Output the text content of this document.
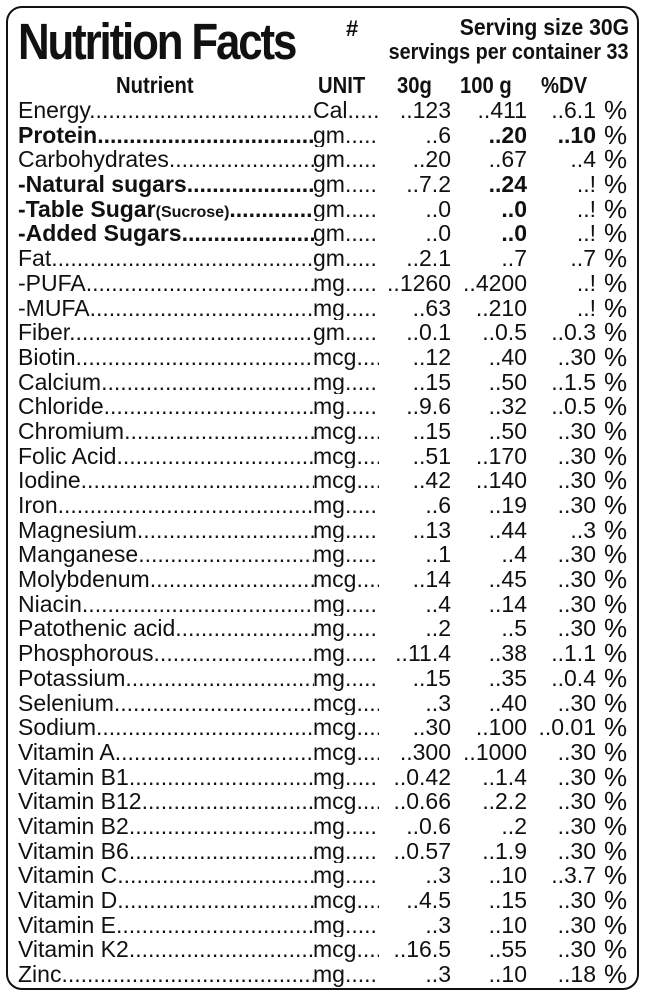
Nutrition Facts #	Serving size 30G
servings per container 33
Nutrient	UNIT 30g 100 g %DV
Energy .....	Cal. .....	..123	..411	..6.1 %
Protein .....	gm. .....	..6	..20	..10 %
Carbohydrates .....	gm. .....	..20	..67	..4 %
-Natural sugars .....	gm. .....	..7.2	..24	..! %
-Table Sugar(Sucrose) .....	gm. .....	..0	..0	..! %
-Added Sugars .....	gm. .....	..0	..0	..! %
Fat .....	gm. .....	..2.1	..7	..7 %
-PUFA .....	mg. .....	..1260 ..4200	..! %
-MUFA .....	mg. .....	..63	..210	..! %
Fiber .....	gm. .....	..0.1	..0.5	..0.3 %
Biotin .....	mcg .....	..12	..40	..30 %
Calcium .....	mg. .....	..15	..50	..1.5 %
Chloride .....	mg. .....	..9.6	..32	..0.5 %
Chromium .....	mcg .....	..15	..50	..30 %
Folic Acid .....	mcg .....	..51	..170	..30 %
Iodine .....	mcg .....	..42	..140	..30 %
Iron .....	mg. .....	..6	..19	..30 %
Magnesium .....	mg. .....	..13	..44	..3 %
Manganese .....	mg. .....	..1	..4	..30 %
Molybdenum .....	mcg .....	..14	..45	..30 %
Niacin .....	mg. .....	..4	..14	..30 %
Patothenic acid .....	mg. .....	..2	..5	..30 %
Phosphorous .....	mg. .....	..11.4	..38	..1.1 %
Potassium .....	mg. .....	..15	..35	..0.4 %
Selenium .....	mcg .....	..3	..40	..30 %
Sodium .....	mcg .....	..30	..100 ..0.01 %
Vitamin A .....	mcg .....	..300 ..1000	..30 %
Vitamin B1 .....	mg. .....	..0.42	..1.4	..30 %
Vitamin B12 .....	mcg .....	..0.66	..2.2	..30 %
Vitamin B2 .....	mg. .....	..0.6	..2	..30 %
Vitamin B6 .....	mg. .....	..0.57	..1.9	..30 %
Vitamin C .....	mg. .....	..3	..10	..3.7 %
Vitamin D .....	mcg .....	..4.5	..15	..30 %
Vitamin E .....	mg. .....	..3	..10	..30 %
Vitamin K2 .....	mcg .....	..16.5	..55	..30 %
Zinc .....	mg. .....	..3	..10	..18 %
